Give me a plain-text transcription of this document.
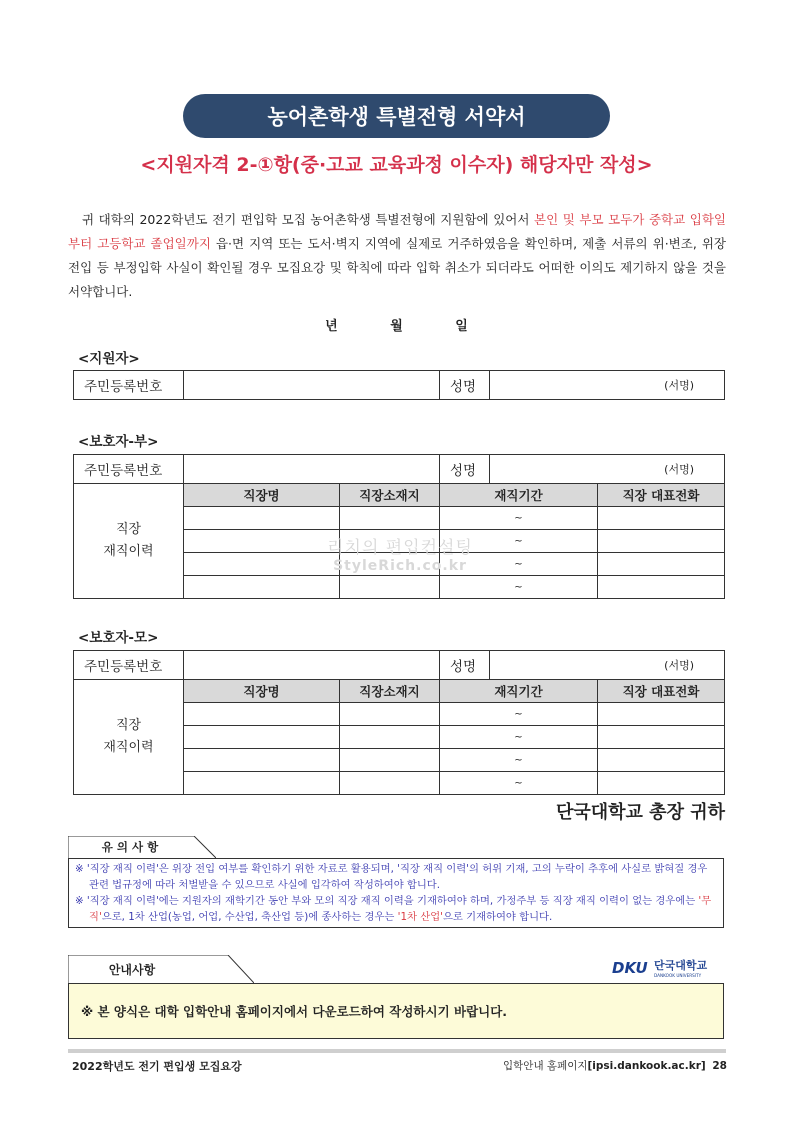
농어촌학생 특별전형 서약서
<지원자격 2-①항(중·고교 교육과정 이수자) 해당자만 작성>
귀 대학의 2022학년도 전기 편입학 모집 농어촌학생 특별전형에 지원함에 있어서 본인 및 부모 모두가 중학교 입학일부터 고등학교 졸업일까지 읍·면 지역 또는 도서·벽지 지역에 실제로 거주하였음을 확인하며, 제출 서류의 위·변조, 위장 전입 등 부정입학 사실이 확인될 경우 모집요강 및 학칙에 따라 입학 취소가 되더라도 어떠한 이의도 제기하지 않을 것을 서약합니다.
년 월 일
<지원자>
주민등록번호		성명	(서명)
<보호자-부>
주민등록번호			성명	(서명)	

직장
재직이력	직장명	직장소재지	재직기간		직장 대표전화
			~		
			~		
			~		
			~		
리치의 편입컨설팅
StyleRich.co.kr
<보호자-모>
주민등록번호			성명	(서명)	

직장
재직이력	직장명	직장소재지	재직기간		직장 대표전화
			~		
			~		
			~		
			~		
단국대학교 총장 귀하
유 의 사 항
※ '직장 재직 이력'은 위장 전입 여부를 확인하기 위한 자료로 활용되며, '직장 재직 이력'의 허위 기재, 고의 누락이 추후에 사실로 밝혀질 경우 관련 법규정에 따라 처벌받을 수 있으므로 사실에 입각하여 작성하여야 합니다.
※ '직장 재직 이력'에는 지원자의 재학기간 동안 부와 모의 직장 재직 이력을 기재하여야 하며, 가정주부 등 직장 재직 이력이 없는 경우에는 '무직'으로, 1차 산업(농업, 어업, 수산업, 축산업 등)에 종사하는 경우는 '1차 산업'으로 기재하여야 합니다.
안내사항	DKU 단국대학교
DANKOOK UNIVERSITY
※ 본 양식은 대학 입학안내 홈페이지에서 다운로드하여 작성하시기 바랍니다.
2022학년도 전기 편입생 모집요강	입학안내 홈페이지[ipsi.dankook.ac.kr] 28
